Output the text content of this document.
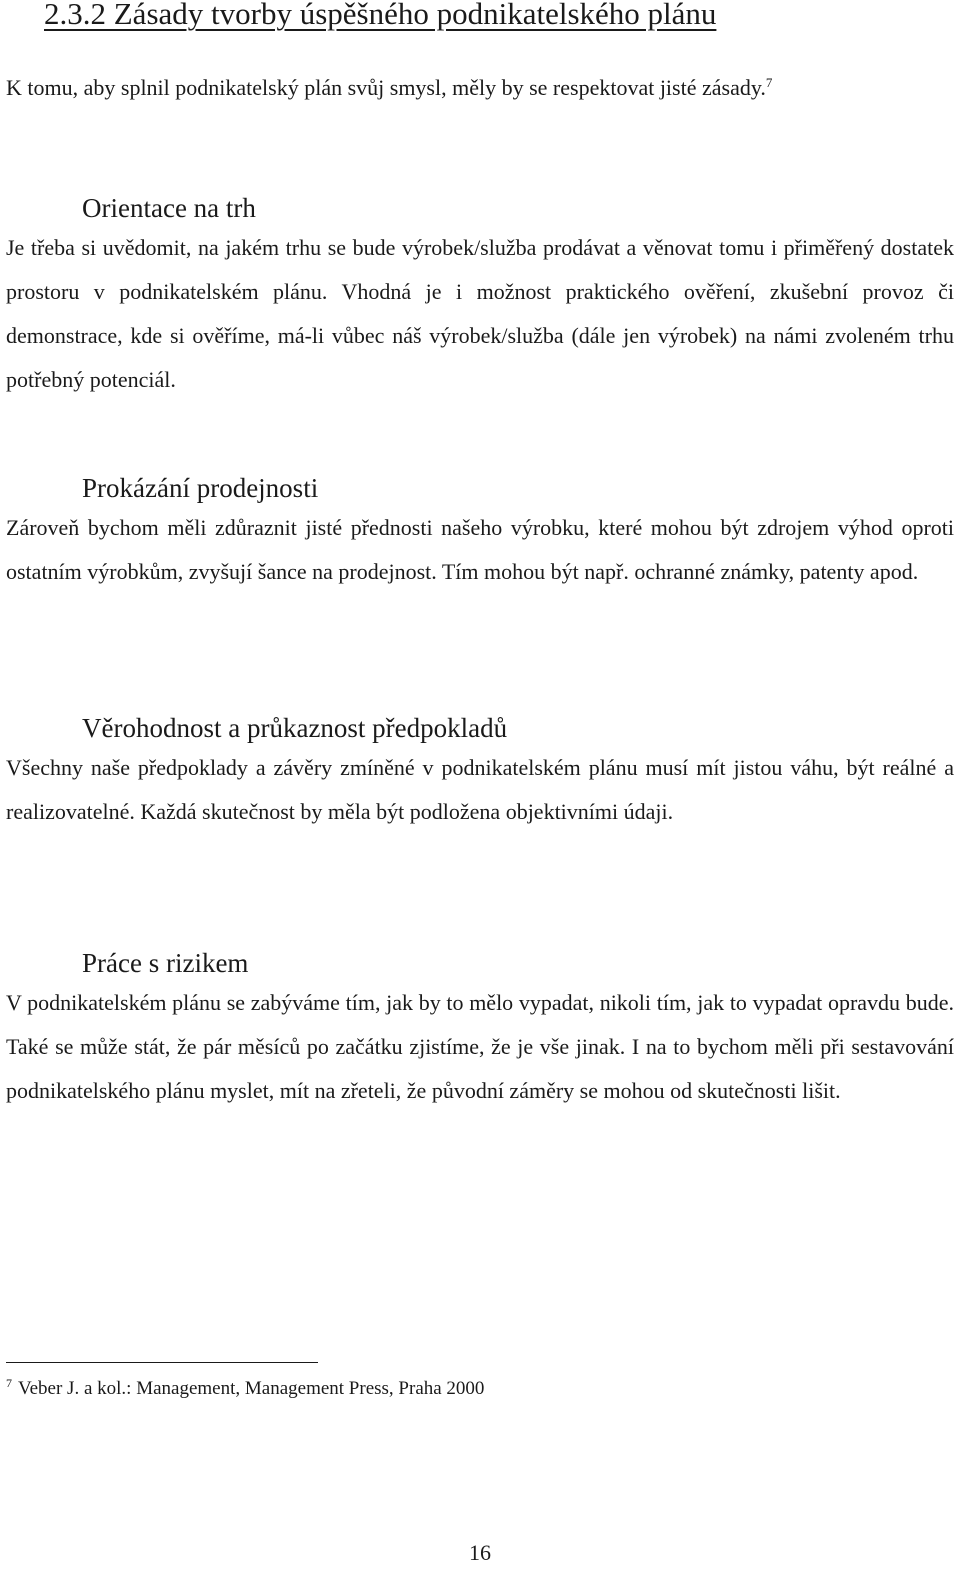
2.3.2 Zásady tvorby úspěšného podnikatelského plánu

K tomu, aby splnil podnikatelský plán svůj smysl, měly by se respektovat jisté zásady.$^7$

Orientace na trh

Je třeba si uvědomit, na jakém trhu se bude výrobek/služba prodávat a věnovat tomu i přiměřený dostatek prostoru v podnikatelském plánu. Vhodná je i možnost praktického ověření, zkušební provoz či demonstrace, kde si ověříme, má-li vůbec náš výrobek/služba (dále jen výrobek) na námi zvoleném trhu potřebný potenciál.

Prokázání prodejnosti

Zároveň bychom měli zdůraznit jisté přednosti našeho výrobku, které mohou být zdrojem výhod oproti ostatním výrobkům, zvyšují šance na prodejnost. Tím mohou být např. ochranné známky, patenty apod.

Věrohodnost a průkaznost předpokladů

Všechny naše předpoklady a závěry zmíněné v podnikatelském plánu musí mít jistou váhu, být reálné a realizovatelné. Každá skutečnost by měla být podložena objektivními údaji.

Práce s rizikem

V podnikatelském plánu se zabýváme tím, jak by to mělo vypadat, nikoli tím, jak to vypadat opravdu bude. Také se může stát, že pár měsíců po začátku zjistíme, že je vše jinak. I na to bychom měli při sestavování podnikatelského plánu myslet, mít na zřeteli, že původní záměry se mohou od skutečnosti lišit.

$^7$ Veber J. a kol.: Management, Management Press, Praha 2000

16
